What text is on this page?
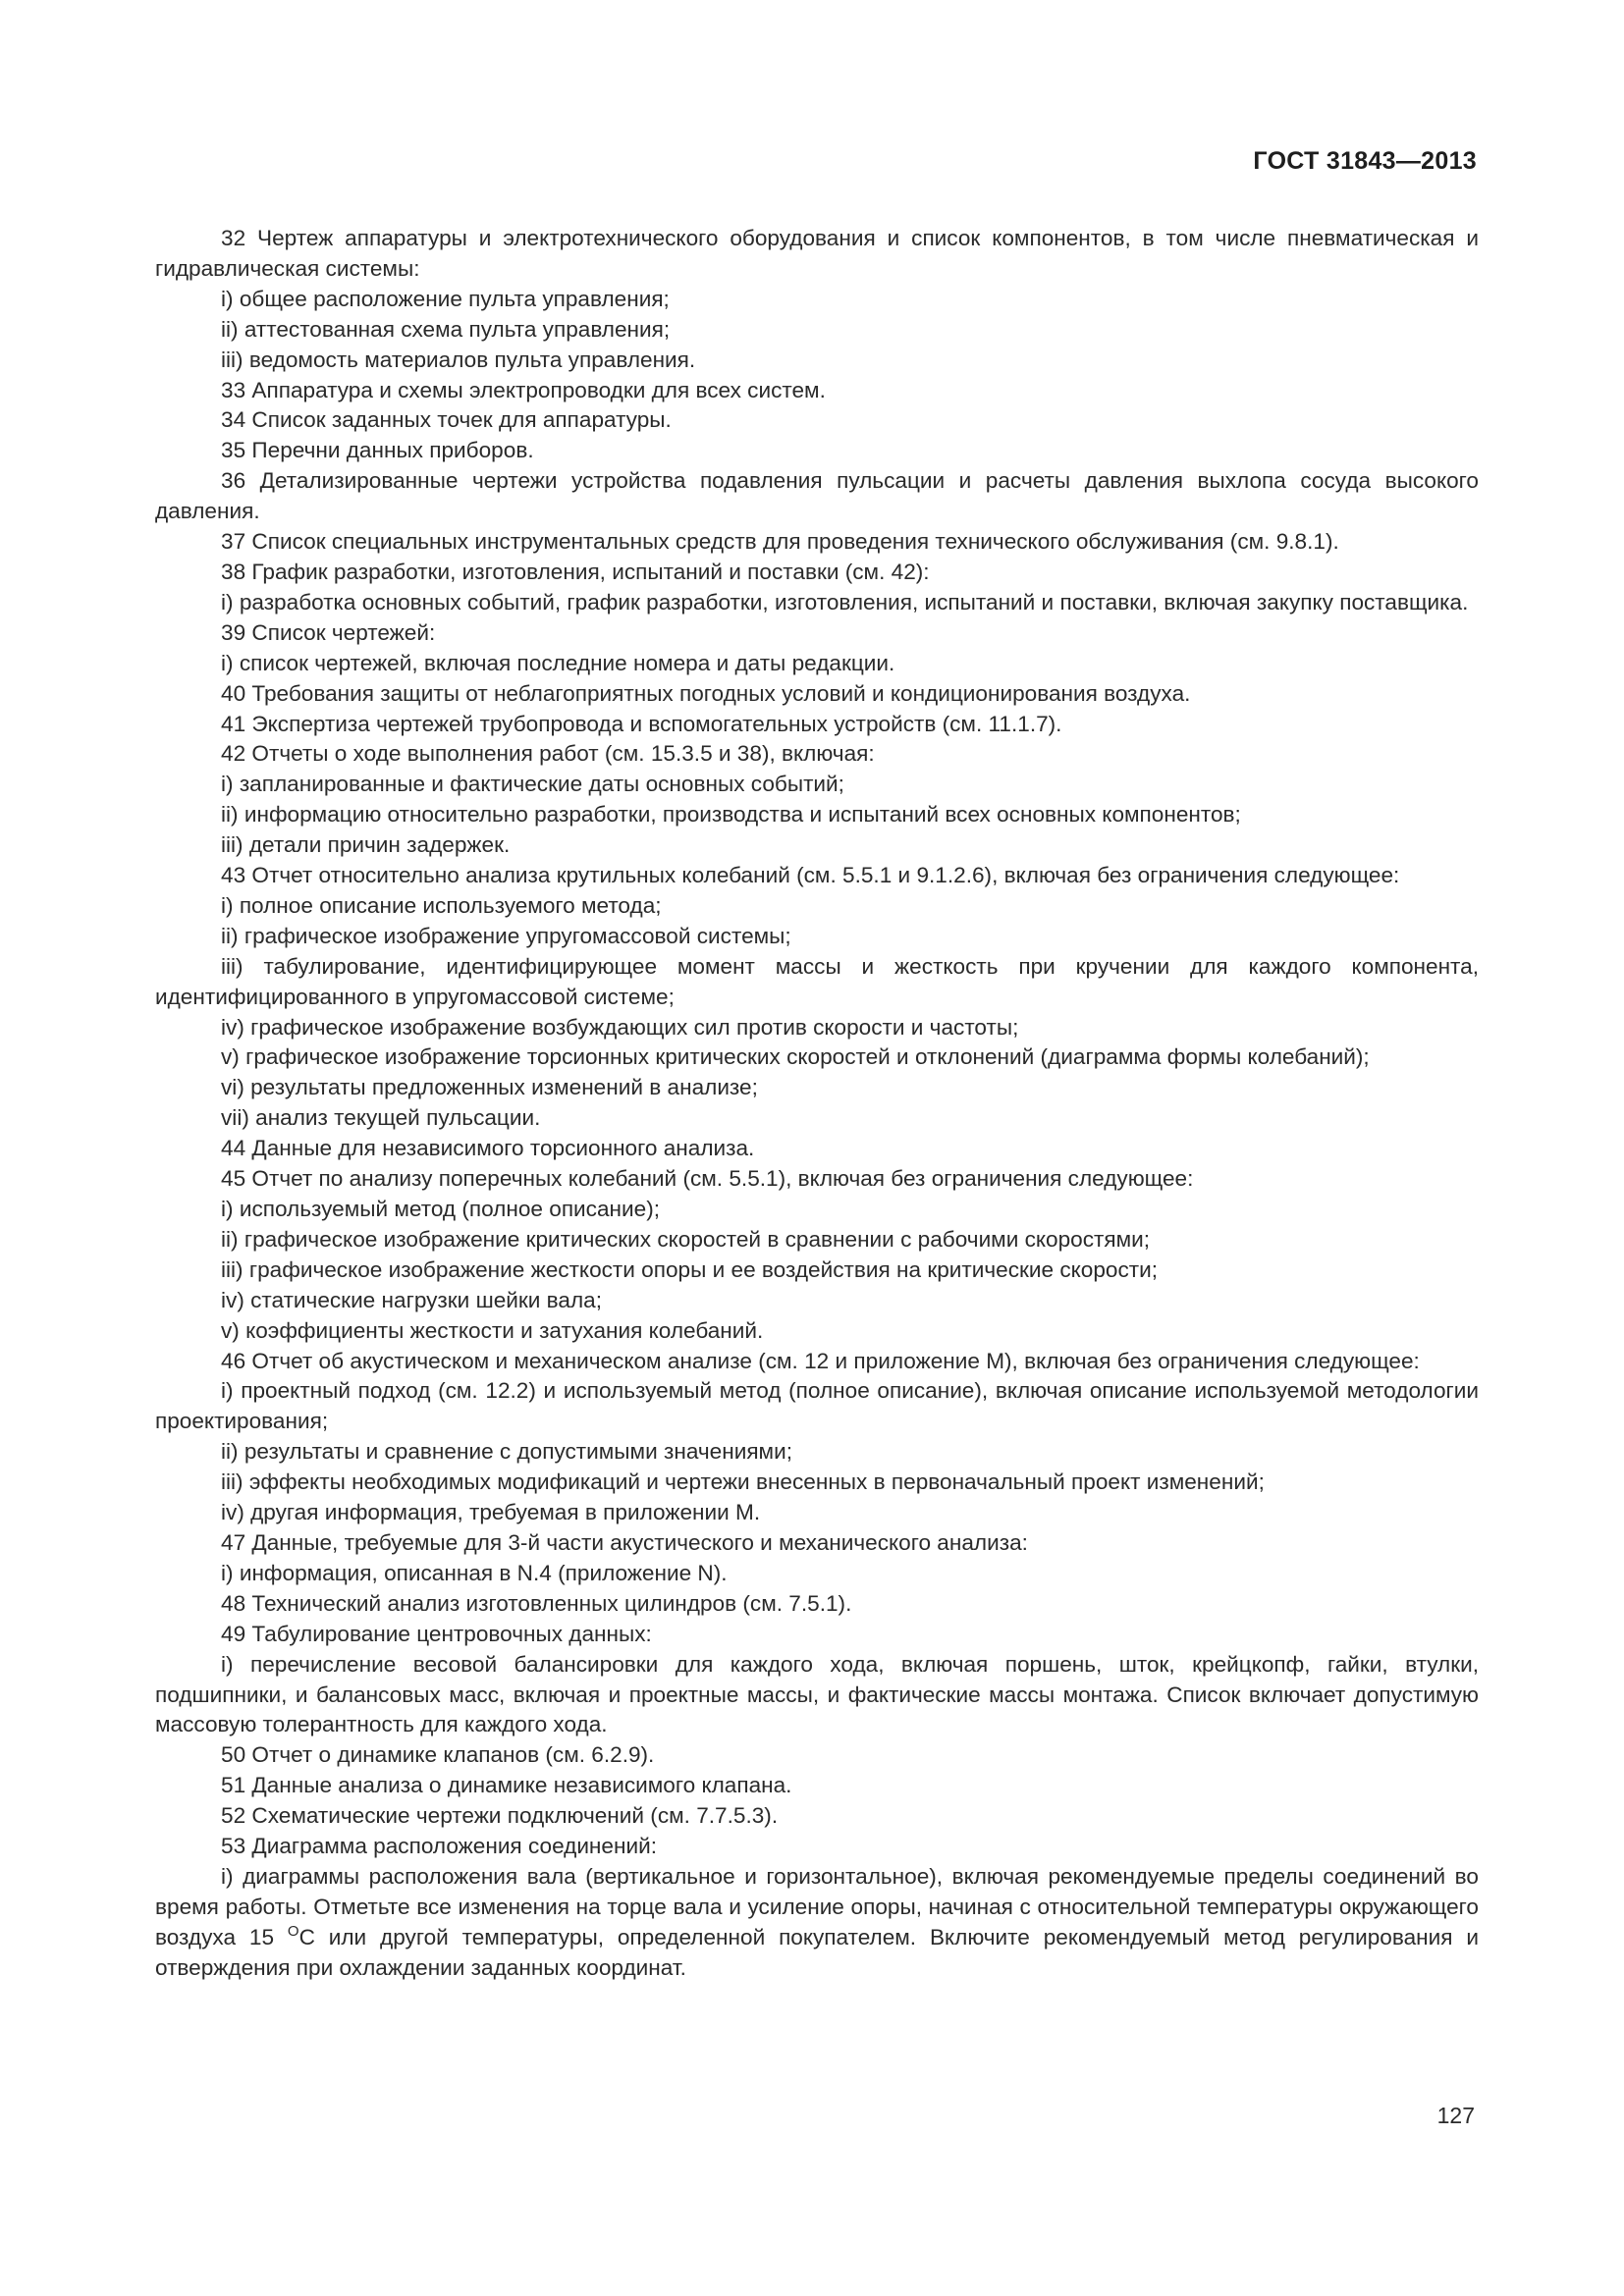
ГОСТ 31843—2013

32 Чертеж аппаратуры и электротехнического оборудования и список компонентов, в том числе пневматическая и гидравлическая системы:

i) общее расположение пульта управления;

ii) аттестованная схема пульта управления;

iii) ведомость материалов пульта управления.

33 Аппаратура и схемы электропроводки для всех систем.

34 Список заданных точек для аппаратуры.

35 Перечни данных приборов.

36 Детализированные чертежи устройства подавления пульсации и расчеты давления выхлопа сосуда высокого давления.

37 Список специальных инструментальных средств для проведения технического обслуживания (см. 9.8.1).

38 График разработки, изготовления, испытаний и поставки (см. 42):

i) разработка основных событий, график разработки, изготовления, испытаний и поставки, включая закупку поставщика.

39 Список чертежей:

i) список чертежей, включая последние номера и даты редакции.

40 Требования защиты от неблагоприятных погодных условий и кондиционирования воздуха.

41 Экспертиза чертежей трубопровода и вспомогательных устройств (см. 11.1.7).

42 Отчеты о ходе выполнения работ (см. 15.3.5 и 38), включая:

i) запланированные и фактические даты основных событий;

ii) информацию относительно разработки, производства и испытаний всех основных компонентов;

iii) детали причин задержек.

43 Отчет относительно анализа крутильных колебаний (см. 5.5.1 и 9.1.2.6), включая без ограничения следующее:

i) полное описание используемого метода;

ii) графическое изображение упругомассовой системы;

iii) табулирование, идентифицирующее момент массы и жесткость при кручении для каждого компонента, идентифицированного в упругомассовой системе;

iv) графическое изображение возбуждающих сил против скорости и частоты;

v) графическое изображение торсионных критических скоростей и отклонений (диаграмма формы колебаний);

vi) результаты предложенных изменений в анализе;

vii) анализ текущей пульсации.

44 Данные для независимого торсионного анализа.

45 Отчет по анализу поперечных колебаний (см. 5.5.1), включая без ограничения следующее:

i) используемый метод (полное описание);

ii) графическое изображение критических скоростей в сравнении с рабочими скоростями;

iii) графическое изображение жесткости опоры и ее воздействия на критические скорости;

iv) статические нагрузки шейки вала;

v) коэффициенты жесткости и затухания колебаний.

46 Отчет об акустическом и механическом анализе (см. 12 и приложение М), включая без ограничения следующее:

i) проектный подход (см. 12.2) и используемый метод (полное описание), включая описание используемой методологии проектирования;

ii) результаты и сравнение с допустимыми значениями;

iii) эффекты необходимых модификаций и чертежи внесенных в первоначальный проект изменений;

iv) другая информация, требуемая в приложении М.

47 Данные, требуемые для 3-й части акустического и механического анализа:

i) информация, описанная в N.4 (приложение N).

48 Технический анализ изготовленных цилиндров (см. 7.5.1).

49 Табулирование центровочных данных:

i) перечисление весовой балансировки для каждого хода, включая поршень, шток, крейцкопф, гайки, втулки, подшипники, и балансовых масс, включая и проектные массы, и фактические массы монтажа. Список включает допустимую массовую толерантность для каждого хода.

50 Отчет о динамике клапанов (см. 6.2.9).

51 Данные анализа о динамике независимого клапана.

52 Схематические чертежи подключений (см. 7.7.5.3).

53 Диаграмма расположения соединений:

i) диаграммы расположения вала (вертикальное и горизонтальное), включая рекомендуемые пределы соединений во время работы. Отметьте все изменения на торце вала и усиление опоры, начиная с относительной температуры окружающего воздуха 15 $^О$С или другой температуры, определенной покупателем. Включите рекомендуемый метод регулирования и отверждения при охлаждении заданных координат.

127
